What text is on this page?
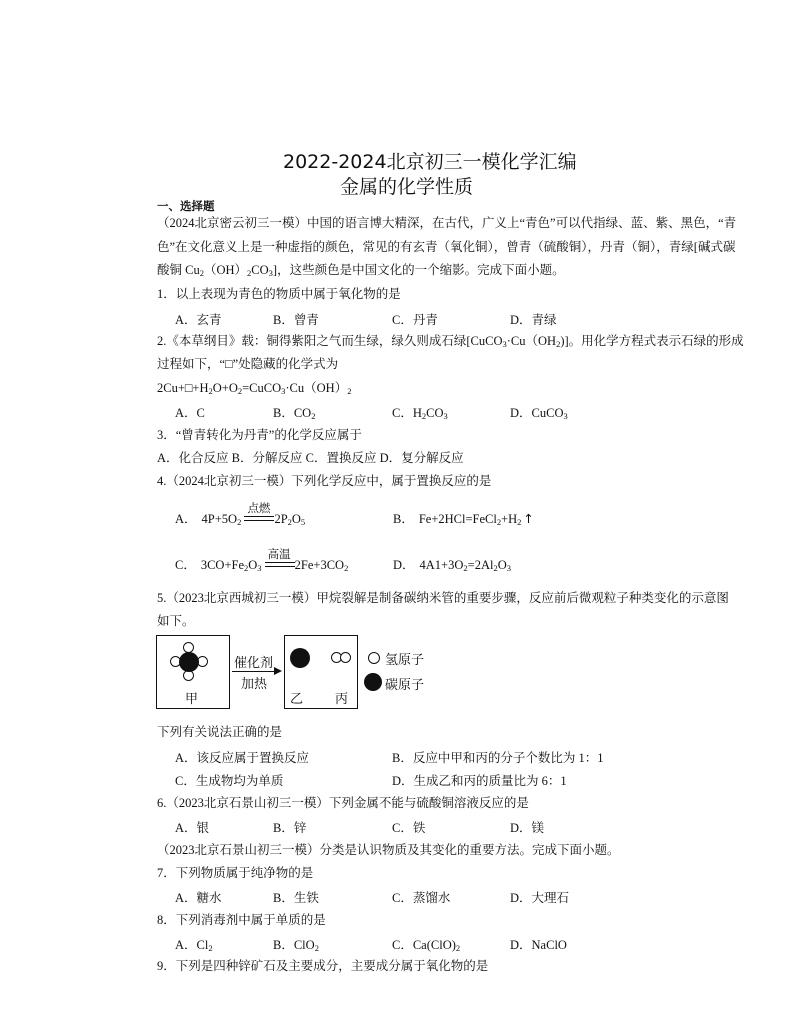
2022-2024北京初三一模化学汇编
金属的化学性质
一、选择题
（2024北京密云初三一模）中国的语言博大精深，在古代，广义上“青色”可以代指绿、蓝、紫、黑色，“青
色”在文化意义上是一种虚指的颜色，常见的有玄青（氧化铜），曾青（硫酸铜），丹青（铜），青绿[碱式碳
酸铜 $Cu_2(OH)_2CO_3$]，这些颜色是中国文化的一个缩影。完成下面小题。
1．以上表现为青色的物质中属于氧化物的是
A．玄青	B．曾青	C．丹青	D．青绿
2.《本草纲目》载：铜得紫阳之气而生绿，绿久则成石绿$[CuCO_3\cdot Cu(OH_2)]$。用化学方程式表示石绿的形成
过程如下，“□”处隐藏的化学式为
$2Cu+□+H_2O+O_2=CuCO_3\cdot Cu(OH)_2$
A．C	B．$CO_2$	C．$H_2CO_3$	D．CuCO$_3$
3．“曾青转化为丹青”的化学反应属于
A．化合反应 B．分解反应 C．置换反应 D．复分解反应
4.（2024北京初三一模）下列化学反应中，属于置换反应的是
A． $4P+5O_2$
点燃
$2P_2O_5$	B． $Fe+2HCl=FeCl_2+H_2$ ↑
C． $3CO+Fe_2O_3$
高温
$2Fe+3CO_2$	D． $4A1+3O_2=2Al_2O_3$
5.（2023北京西城初三一模）甲烷裂解是制备碳纳米管的重要步骤，反应前后微观粒子种类变化的示意图
如下。
甲
催化剂
加热
乙 丙
氢原子
碳原子
下列有关说法正确的是
A．该反应属于置换反应	B．反应中甲和丙的分子个数比为 1：1
C．生成物均为单质	D．生成乙和丙的质量比为 6：1
6.（2023北京石景山初三一模）下列金属不能与硫酸铜溶液反应的是
A．银	B．锌	C．铁	D．镁
（2023北京石景山初三一模）分类是认识物质及其变化的重要方法。完成下面小题。
7．下列物质属于纯净物的是
A．糖水	B．生铁	C．蒸馏水	D．大理石
8．下列消毒剂中属于单质的是
A．$Cl_2$	B．ClO$_2$	C．$Ca(ClO)_2$	D．NaClO
9．下列是四种锌矿石及主要成分，主要成分属于氧化物的是
